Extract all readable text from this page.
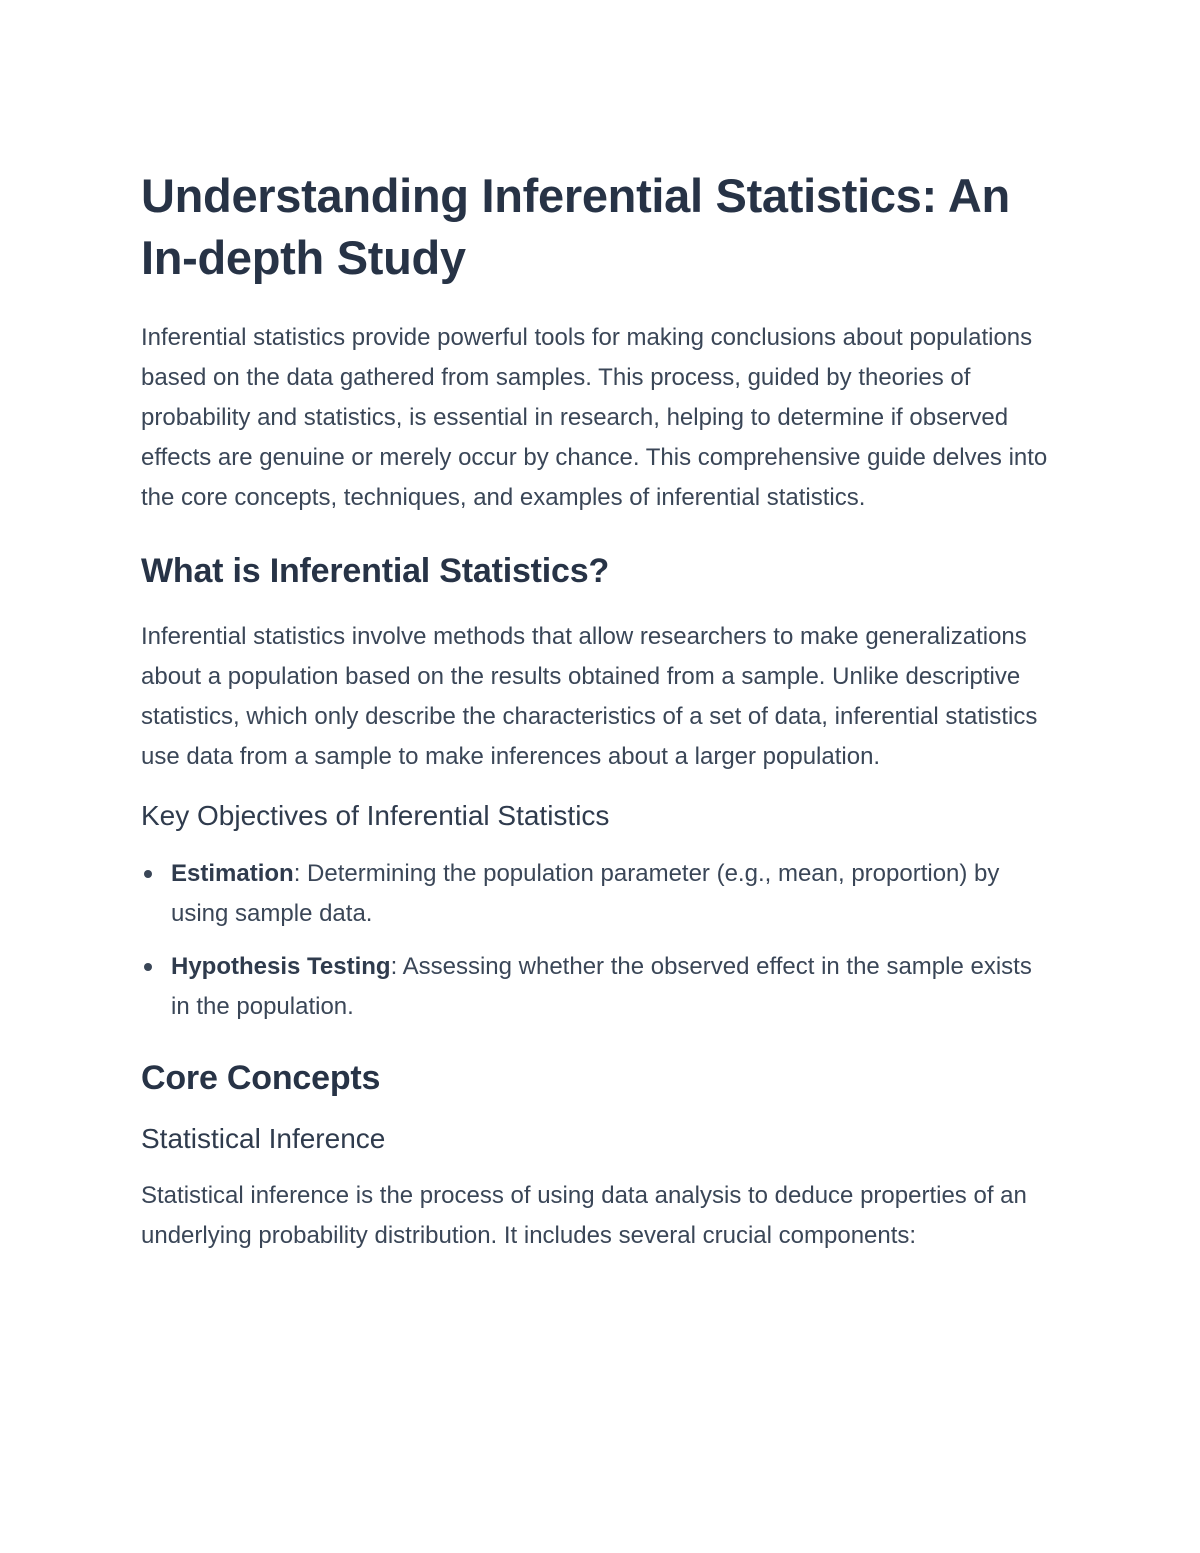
Understanding Inferential Statistics: An In-depth Study

Inferential statistics provide powerful tools for making conclusions about populations based on the data gathered from samples. This process, guided by theories of probability and statistics, is essential in research, helping to determine if observed effects are genuine or merely occur by chance. This comprehensive guide delves into the core concepts, techniques, and examples of inferential statistics.

What is Inferential Statistics?

Inferential statistics involve methods that allow researchers to make generalizations about a population based on the results obtained from a sample. Unlike descriptive statistics, which only describe the characteristics of a set of data, inferential statistics use data from a sample to make inferences about a larger population.

Key Objectives of Inferential Statistics
Estimation: Determining the population parameter (e.g., mean, proportion) by using sample data.
Hypothesis Testing: Assessing whether the observed effect in the sample exists in the population.
Core Concepts
Statistical Inference

Statistical inference is the process of using data analysis to deduce properties of an underlying probability distribution. It includes several crucial components:
